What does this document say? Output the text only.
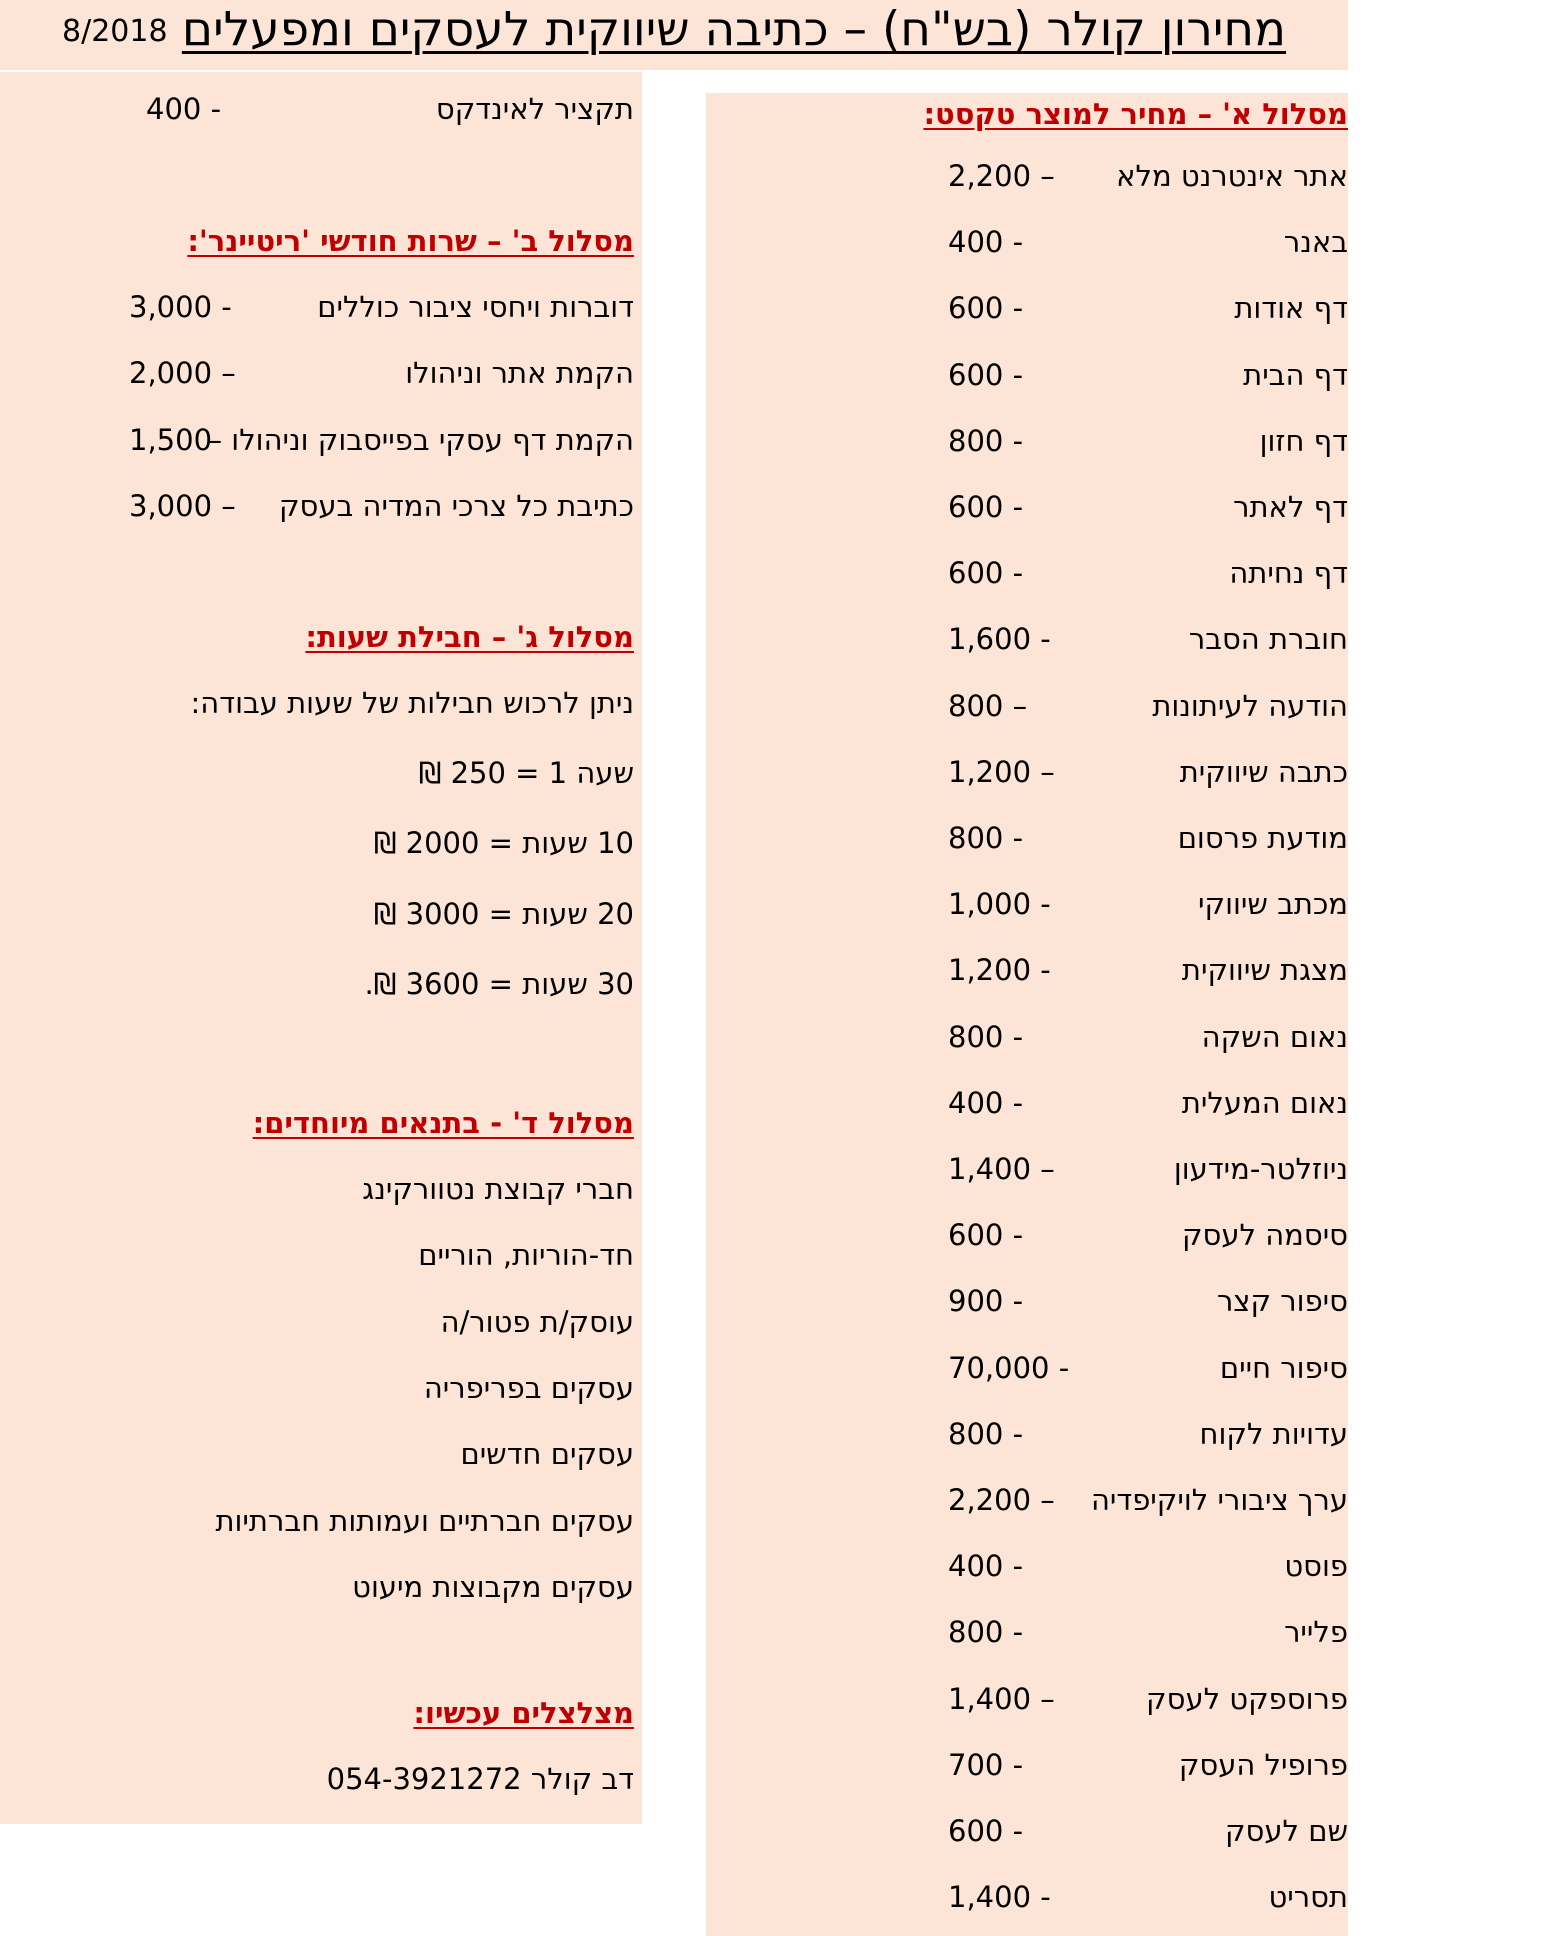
מחירון קולר (בש"ח) – כתיבה שיווקית לעסקים ומפעלים
8/2018
מסלול א' – מחיר למוצר טקסט:
אתר אינטרנט מלא
2,200 –
באנר
400 -
דף אודות
600 -
דף הבית
600 -
דף חזון
800 -
דף לאתר
600 -
דף נחיתה
600 -
חוברת הסבר
1,600 -
הודעה לעיתונות
800 –
כתבה שיווקית
1,200 –
מודעת פרסום
800 -
מכתב שיווקי
1,000 -
מצגת שיווקית
1,200 -
נאום השקה
800 -
נאום המעלית
400 -
ניוזלטר-מידעון
1,400 –
סיסמה לעסק
600 -
סיפור קצר
900 -
סיפור חיים
70,000 -
עדויות לקוח
800 -
ערך ציבורי לויקיפדיה
2,200 –
פוסט
400 -
פלייר
800 -
פרוספקט לעסק
1,400 –
פרופיל העסק
700 -
שם לעסק
600 -
תסריט
1,400 -
תקציר לאינדקס
400 -
מסלול ב' – שרות חודשי 'ריטיינר':
דוברות ויחסי ציבור כוללים
3,000 -
הקמת אתר וניהולו
2,000 –
הקמת דף עסקי בפייסבוק וניהולו –
1,500
כתיבת כל צרכי המדיה בעסק
3,000 –
מסלול ג' – חבילת שעות:
ניתן לרכוש חבילות של שעות עבודה:
שעה 1 = 250 ₪
10 שעות = 2000 ₪
20 שעות = 3000 ₪
30 שעות = 3600 ₪.
מסלול ד' - בתנאים מיוחדים:
חברי קבוצת נטוורקינג
חד-הוריות, הוריים
עוסק/ת פטור/ה
עסקים בפריפריה
עסקים חדשים
עסקים חברתיים ועמותות חברתיות
עסקים מקבוצות מיעוט
מצלצלים עכשיו:
דב קולר 054-3921272
